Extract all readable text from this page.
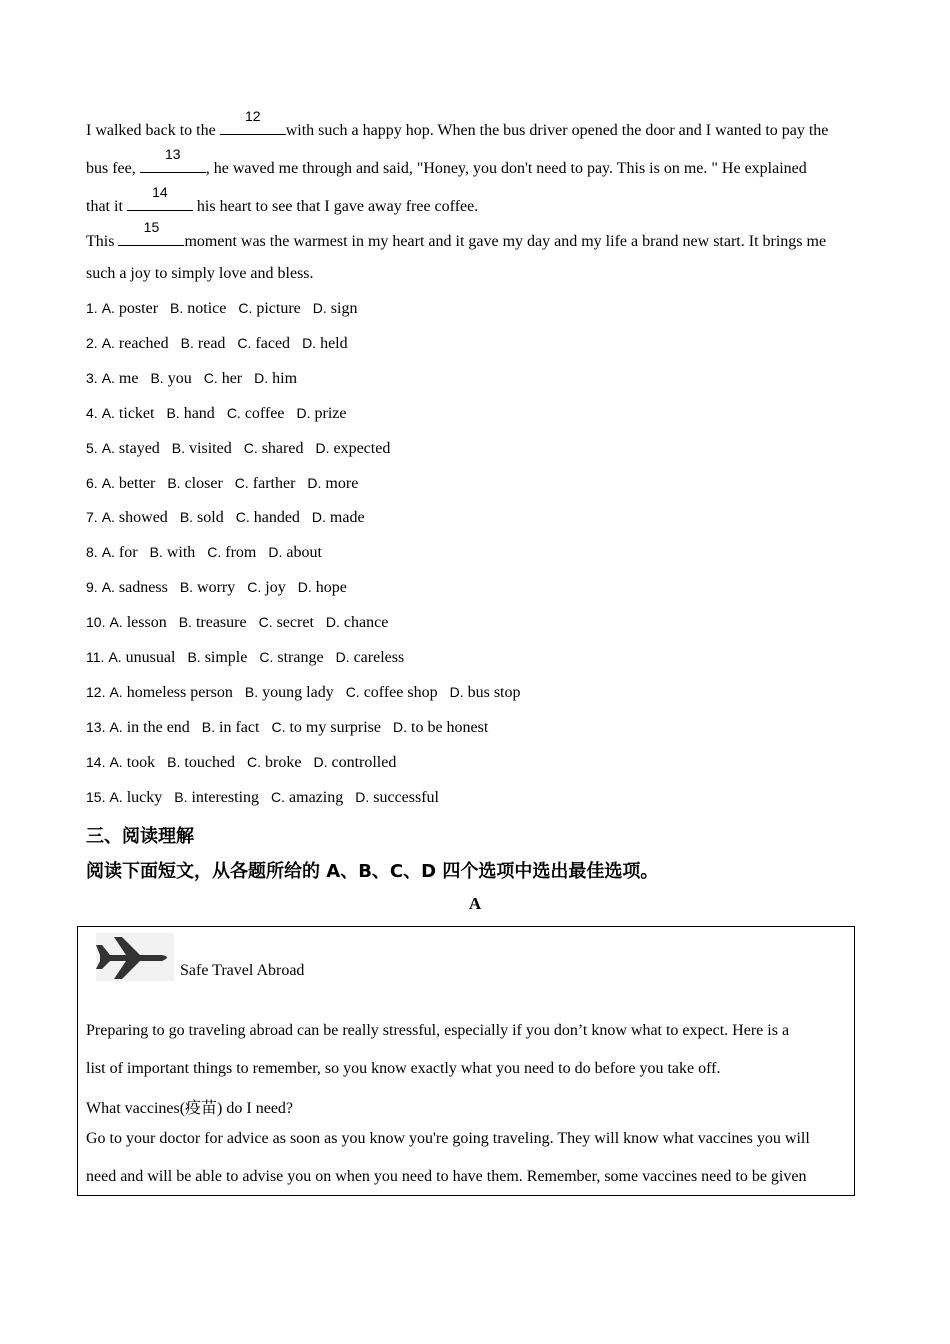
I walked back to the
12
with such a happy hop. When the bus driver opened the door and I wanted to pay the
bus fee,
13
, he waved me through and said, "Honey, you don't need to pay. This is on me. " He explained
that it
14
his heart to see that I gave away free coffee.
This
15
moment was the warmest in my heart and it gave my day and my life a brand new start. It brings me
such a joy to simply love and bless.
1. A. poster B. notice C. picture D. sign
2. A. reached B. read C. faced D. held
3. A. me B. you C. her D. him
4. A. ticket B. hand C. coffee D. prize
5. A. stayed B. visited C. shared D. expected
6. A. better B. closer C. farther D. more
7. A. showed B. sold C. handed D. made
8. A. for B. with C. from D. about
9. A. sadness B. worry C. joy D. hope
10. A. lesson B. treasure C. secret D. chance
11. A. unusual B. simple C. strange D. careless
12. A. homeless person B. young lady C. coffee shop D. bus stop
13. A. in the end B. in fact C. to my surprise D. to be honest
14. A. took B. touched C. broke D. controlled
15. A. lucky B. interesting C. amazing D. successful
三、阅读理解
阅读下面短文，从各题所给的 A、B、C、D 四个选项中选出最佳选项。
A
Safe Travel Abroad
Preparing to go traveling abroad can be really stressful, especially if you don’t know what to expect. Here is a
list of important things to remember, so you know exactly what you need to do before you take off.
What vaccines(疫苗) do I need?
Go to your doctor for advice as soon as you know you're going traveling. They will know what vaccines you will
need and will be able to advise you on when you need to have them. Remember, some vaccines need to be given
